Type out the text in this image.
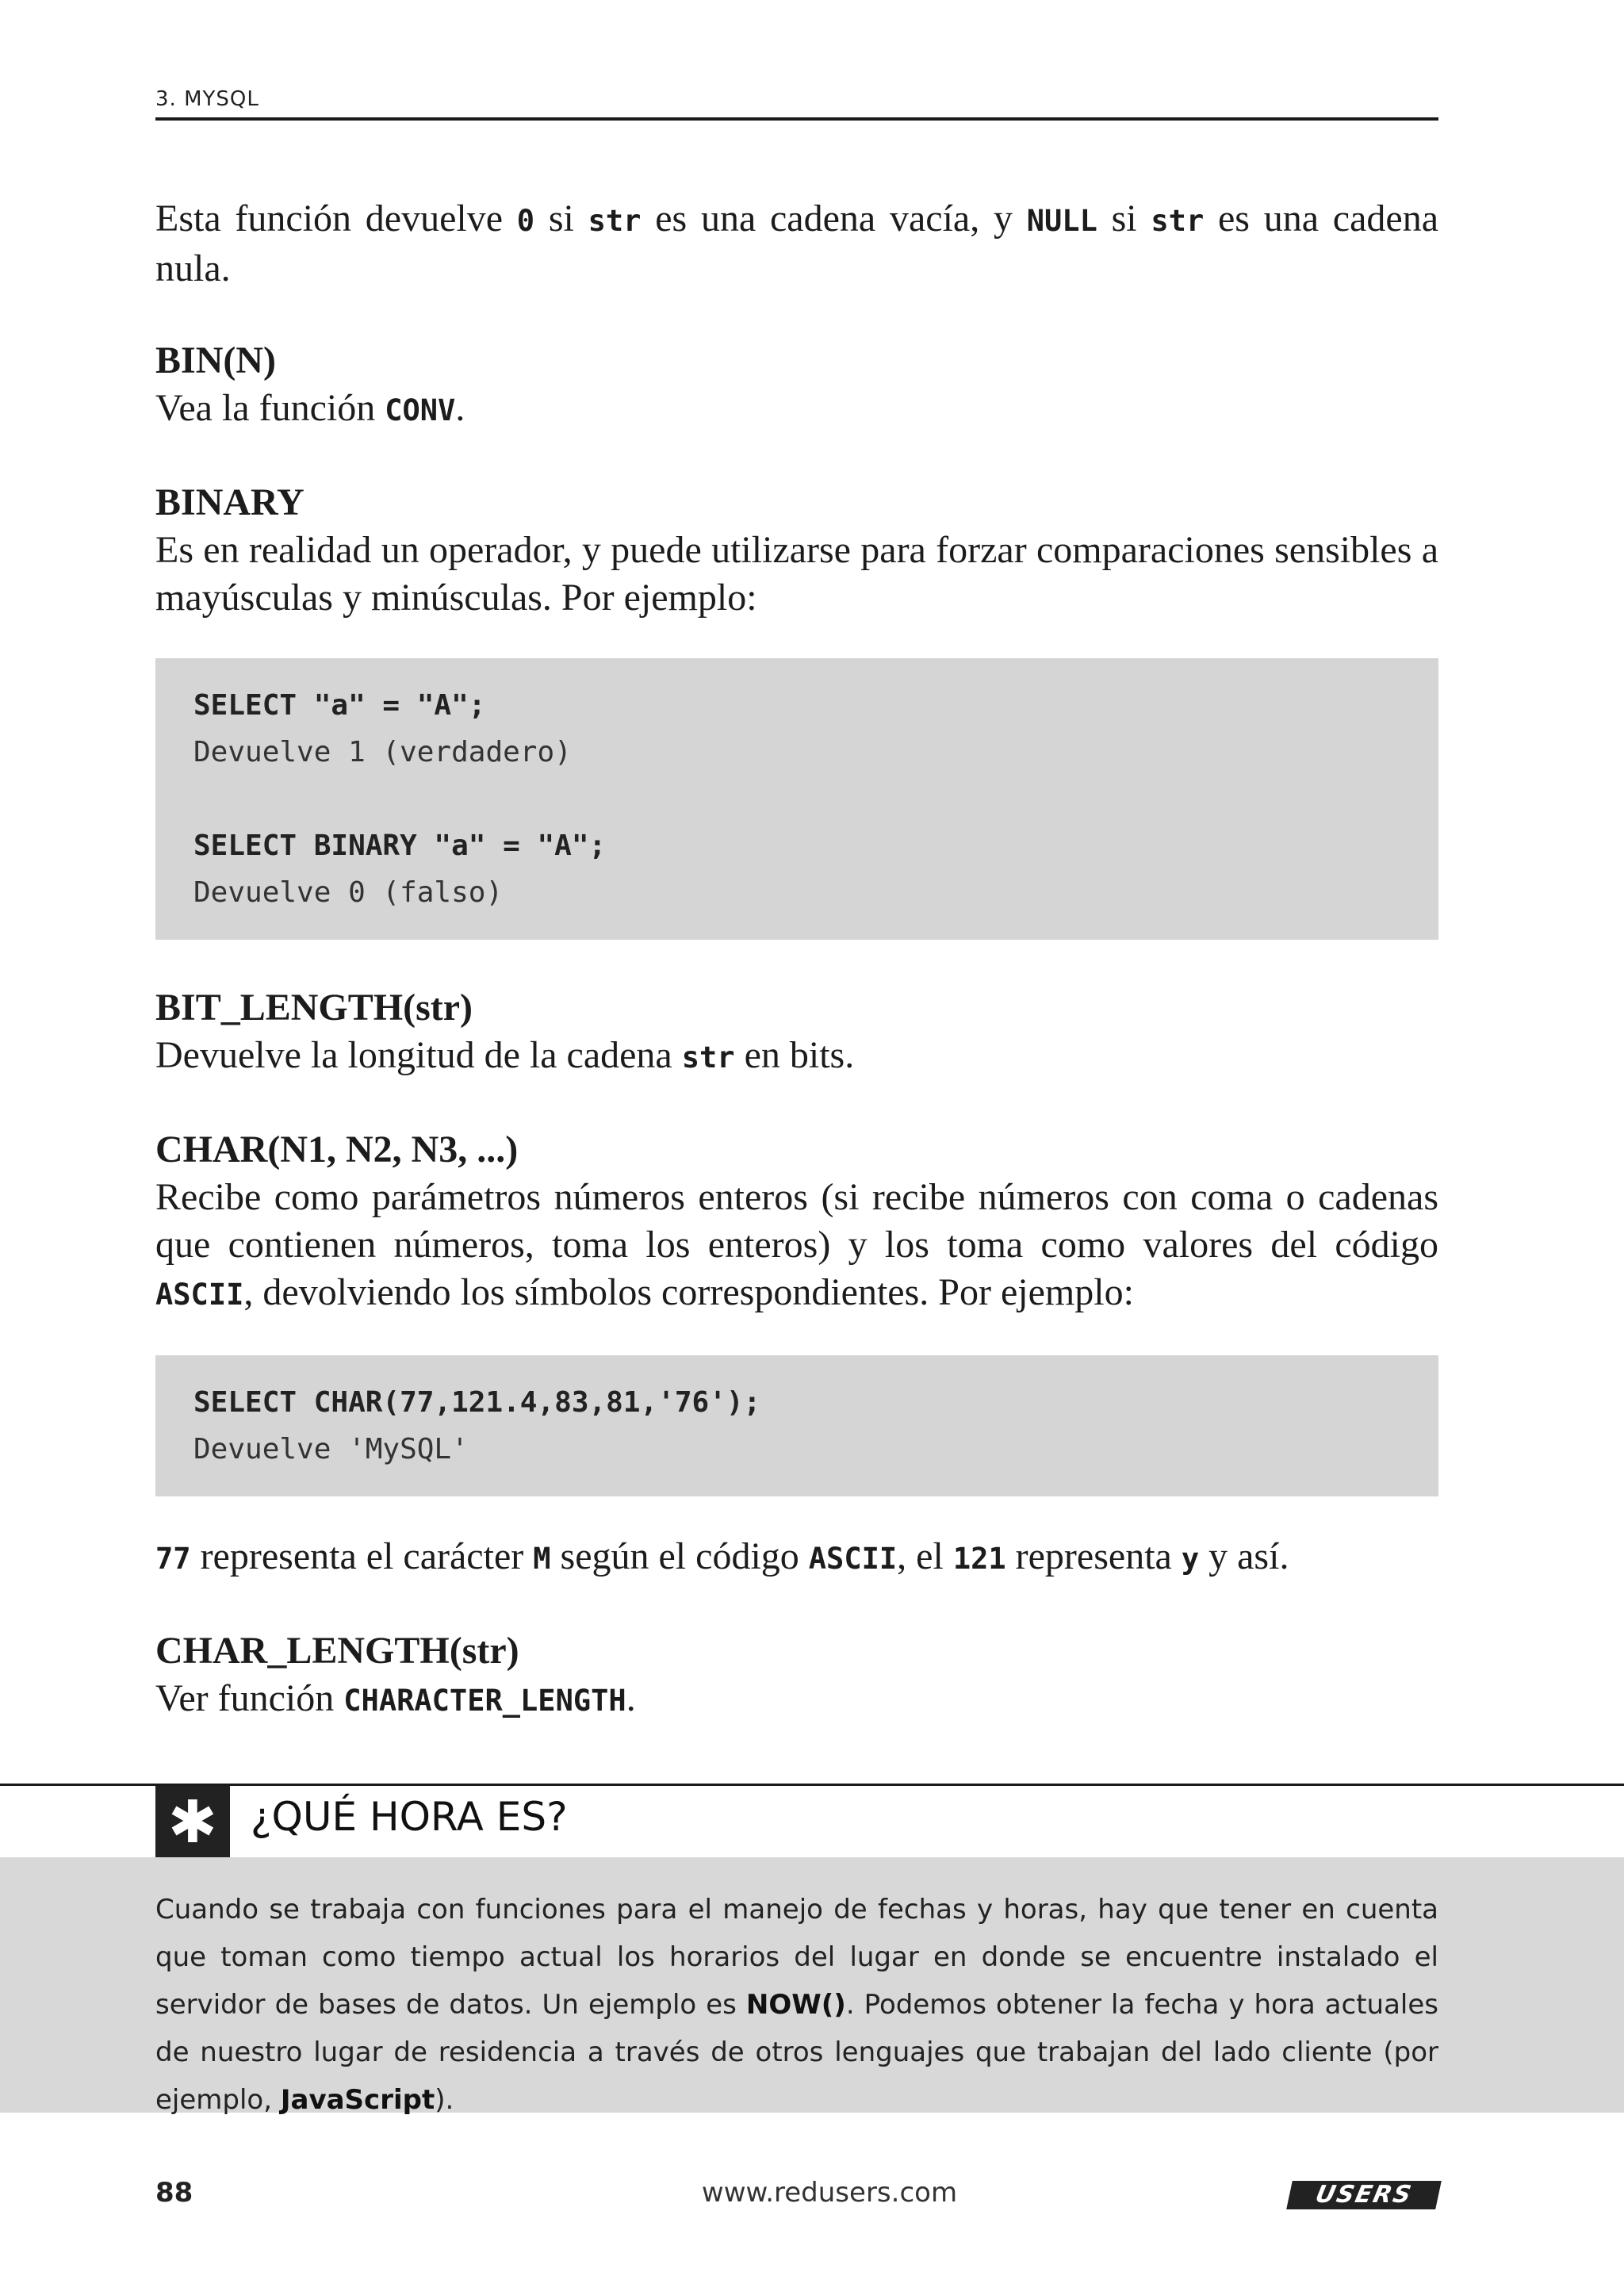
3. MYSQL

Esta función devuelve 0 si str es una cadena vacía, y NULL si str es una cadena nula.

BIN(N)

Vea la función CONV.

BINARY

Es en realidad un operador, y puede utilizarse para forzar comparaciones sensibles a mayúsculas y minúsculas. Por ejemplo:

SELECT "a" = "A";
Devuelve 1 (verdadero)
SELECT BINARY "a" = "A";
Devuelve 0 (falso)
BIT_LENGTH(str)

Devuelve la longitud de la cadena str en bits.

CHAR(N1, N2, N3, ...)

Recibe como parámetros números enteros (si recibe números con coma o cadenas que contienen números, toma los enteros) y los toma como valores del código ASCII, devolviendo los símbolos correspondientes. Por ejemplo:

SELECT CHAR(77,121.4,83,81,'76');
Devuelve 'MySQL'

77 representa el carácter M según el código ASCII, el 121 representa y y así.

CHAR_LENGTH(str)

Ver función CHARACTER_LENGTH.

✱ ¿QUÉ HORA ES?
Cuando se trabaja con funciones para el manejo de fechas y horas, hay que tener en cuenta que toman como tiempo actual los horarios del lugar en donde se encuentre instalado el servidor de bases de datos. Un ejemplo es NOW(). Podemos obtener la fecha y hora actuales de nuestro lugar de residencia a través de otros lenguajes que trabajan del lado cliente (por ejemplo, JavaScript).
88	www.redusers.com	USERS
